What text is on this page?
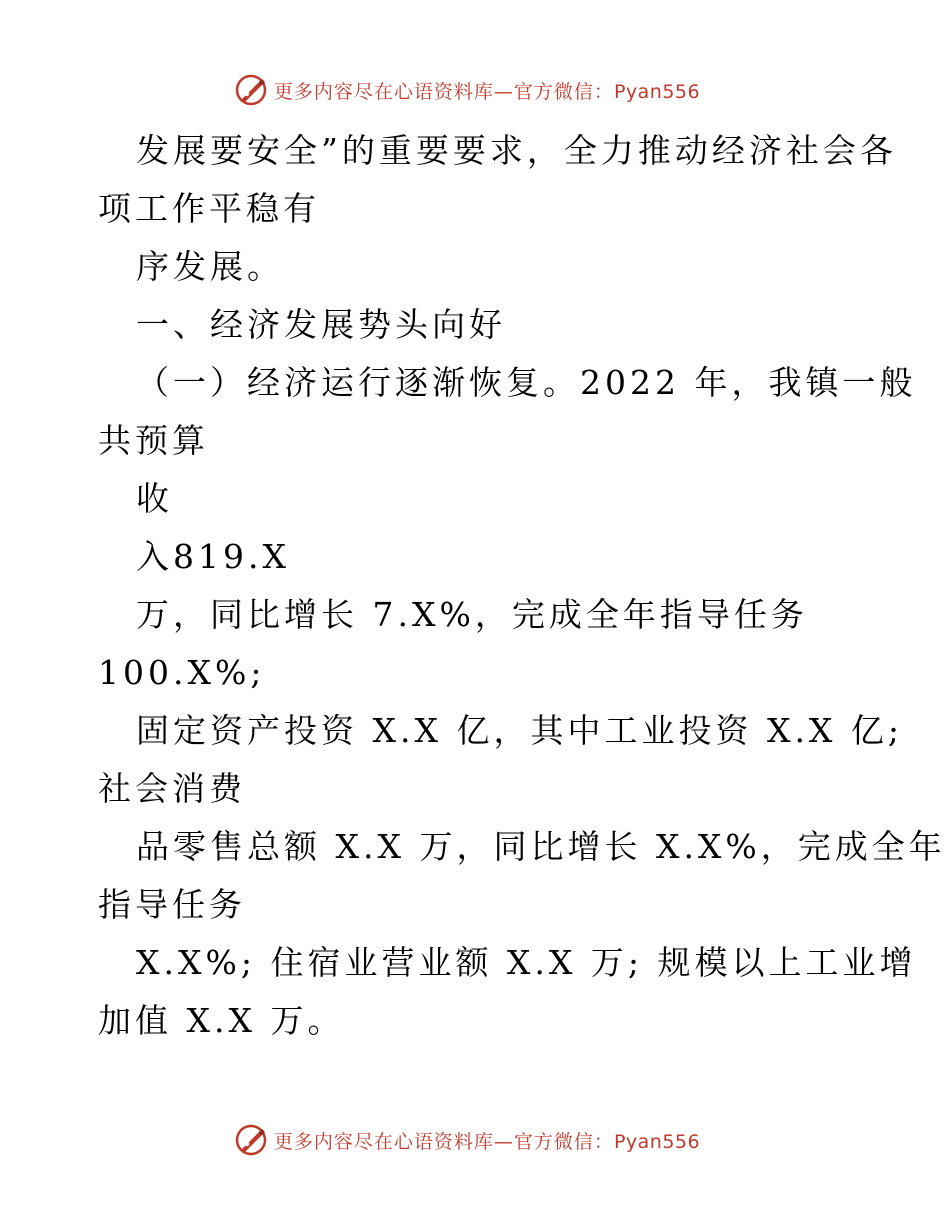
更多内容尽在心语资料库—官方微信：Pyan556
发展要安全”的重要要求，全力推动经济社会各
项工作平稳有
序发展。
一、经济发展势头向好
（一）经济运行逐渐恢复。2022 年，我镇一般
共预算
收
入819.X
万，同比增长 7.X%，完成全年指导任务
100.X%;
固定资产投资 X.X 亿，其中工业投资 X.X 亿;
社会消费
品零售总额 X.X 万，同比增长 X.X%，完成全年
指导任务
X.X%; 住宿业营业额 X.X 万; 规模以上工业增
加值 X.X 万。
更多内容尽在心语资料库—官方微信：Pyan556
